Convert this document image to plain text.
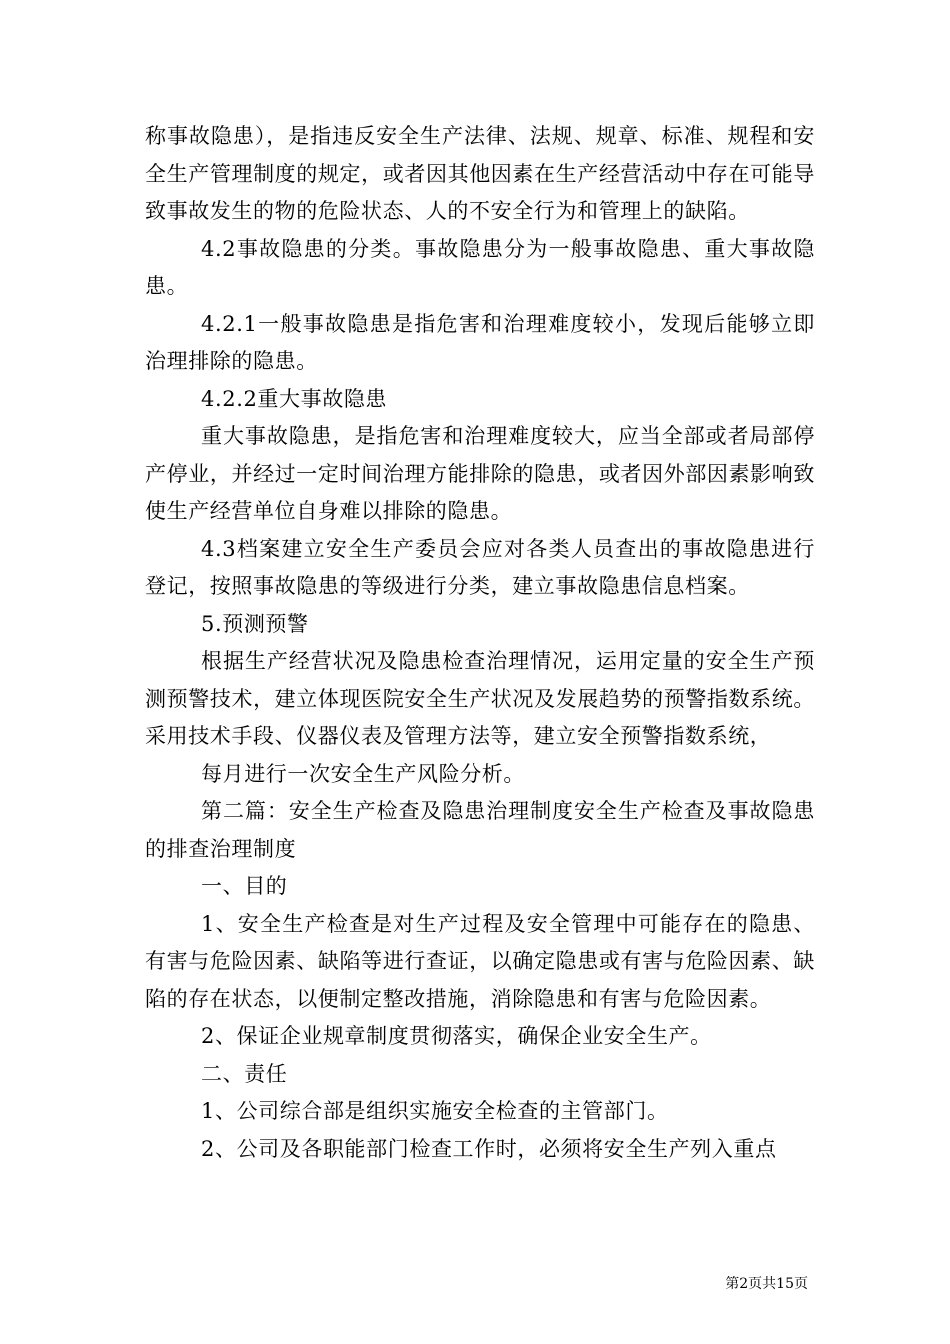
称事故隐患），是指违反安全生产法律、法规、规章、标准、规程和安全生产管理制度的规定，或者因其他因素在生产经营活动中存在可能导致事故发生的物的危险状态、人的不安全行为和管理上的缺陷。

4.2事故隐患的分类。事故隐患分为一般事故隐患、重大事故隐患。

4.2.1一般事故隐患是指危害和治理难度较小，发现后能够立即治理排除的隐患。

4.2.2重大事故隐患

重大事故隐患，是指危害和治理难度较大，应当全部或者局部停产停业，并经过一定时间治理方能排除的隐患，或者因外部因素影响致使生产经营单位自身难以排除的隐患。

4.3档案建立安全生产委员会应对各类人员查出的事故隐患进行登记，按照事故隐患的等级进行分类，建立事故隐患信息档案。

5.预测预警

根据生产经营状况及隐患检查治理情况，运用定量的安全生产预测预警技术，建立体现医院安全生产状况及发展趋势的预警指数系统。采用技术手段、仪器仪表及管理方法等，建立安全预警指数系统，

每月进行一次安全生产风险分析。

第二篇：安全生产检查及隐患治理制度安全生产检查及事故隐患的排查治理制度

一、目的

1、安全生产检查是对生产过程及安全管理中可能存在的隐患、有害与危险因素、缺陷等进行查证，以确定隐患或有害与危险因素、缺陷的存在状态，以便制定整改措施，消除隐患和有害与危险因素。

2、保证企业规章制度贯彻落实，确保企业安全生产。

二、责任

1、公司综合部是组织实施安全检查的主管部门。

2、公司及各职能部门检查工作时，必须将安全生产列入重点

第2页共15页
